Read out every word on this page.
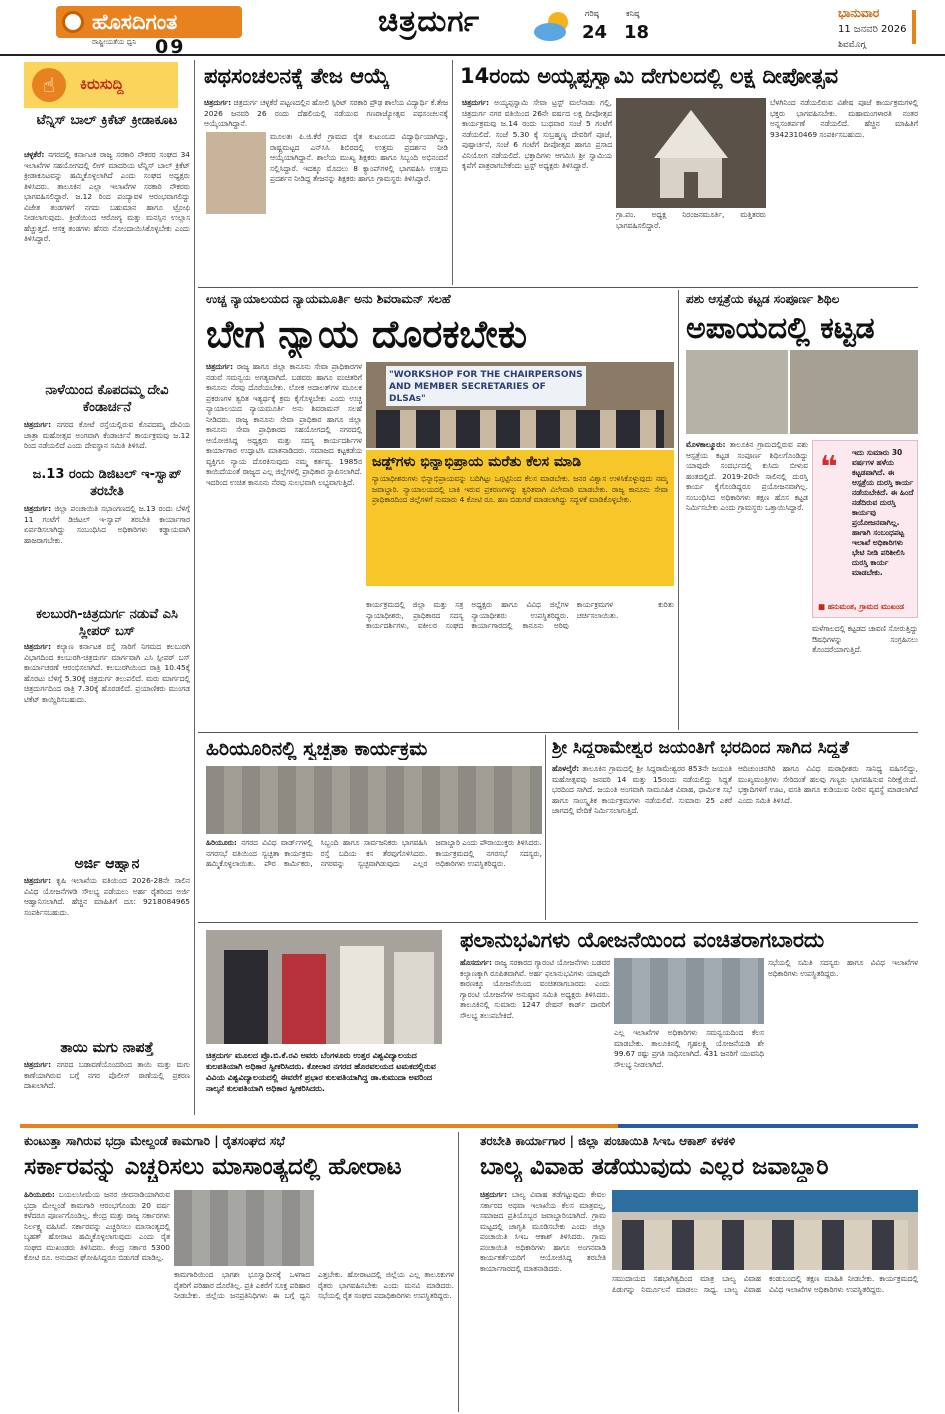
ಹೊಸದಿಗಂತ
ರಾಷ್ಟ್ರೀಯತೆಯ ಧ್ವನಿ 09
ಚಿತ್ರದುರ್ಗ	ಗರಿಷ್ಠ
24
ಕನಿಷ್ಠ
18
ಭಾನುವಾರ
11 ಜನವರಿ 2026
ಶಿವಮೊಗ್ಗ
☝	ಕಿರುಸುದ್ದಿ
ಟೆನ್ನಿಸ್ ಬಾಲ್ ಕ್ರಿಕೆಟ್ ಕ್ರೀಡಾಕೂಟ
ಚಳ್ಳಕೆರೆ: ನಗರದಲ್ಲಿ ಕರ್ನಾಟಕ ರಾಜ್ಯ ಸರಕಾರಿ ನೌಕರರ ಸಂಘದ 34 ಇಲಾಖೆಗಳ ಸಹಯೋಗದಲ್ಲಿ ಲೀಗ್ ಮಾದರಿಯ ಟೆನ್ನಿಸ್ ಬಾಲ್ ಕ್ರಿಕೆಟ್ ಕ್ರೀಡಾಕೂಟವನ್ನು ಹಮ್ಮಿಕೊಳ್ಳಲಾಗಿದೆ ಎಂದು ಸಂಘದ ಅಧ್ಯಕ್ಷರು ತಿಳಿಸಿದರು. ತಾಲೂಕಿನ ಎಲ್ಲಾ ಇಲಾಖೆಗಳ ಸರಕಾರಿ ನೌಕರರು ಭಾಗವಹಿಸಲಿದ್ದಾರೆ. ಜ.12 ರಿಂದ ಪಂದ್ಯಾವಳಿ ಆರಂಭವಾಗಲಿದ್ದು ವಿಜೇತ ತಂಡಗಳಿಗೆ ನಗದು ಬಹುಮಾನ ಹಾಗೂ ಟ್ರೋಫಿ ನೀಡಲಾಗುವುದು. ಕ್ರೀಡೆಯಿಂದ ಆರೋಗ್ಯ ಮತ್ತು ಮನಸ್ಸಿನ ಉಲ್ಲಾಸ ಹೆಚ್ಚುತ್ತದೆ. ಆಸಕ್ತ ತಂಡಗಳು ಹೆಸರು ನೋಂದಾಯಿಸಿಕೊಳ್ಳಬೇಕು ಎಂದು ತಿಳಿಸಿದ್ದಾರೆ.
ನಾಳೆಯಿಂದ ಕೊಪದಮ್ಮ ದೇವಿ ಕೆಂಡಾರ್ಚನೆ
ಚಿತ್ರದುರ್ಗ: ನಗರದ ಕೋಟೆ ರಸ್ತೆಯಲ್ಲಿರುವ ಕೊಪದಮ್ಮ ದೇವಿಯ ಜಾತ್ರಾ ಮಹೋತ್ಸವ ಅಂಗವಾಗಿ ಕೆಂಡಾರ್ಚನೆ ಕಾರ್ಯಕ್ರಮವು ಜ.12 ರಿಂದ ನಡೆಯಲಿದೆ ಎಂದು ದೇವಸ್ಥಾನ ಸಮಿತಿ ತಿಳಿಸಿದೆ.
ಜ.13 ರಂದು ಡಿಜಿಟಲ್ ಇ-ಸ್ವಾಪ್ ತರಬೇತಿ
ಚಿತ್ರದುರ್ಗ: ಜಿಲ್ಲಾ ಪಂಚಾಯಿತಿ ಸಭಾಂಗಣದಲ್ಲಿ ಜ.13 ರಂದು ಬೆಳಿಗ್ಗೆ 11 ಗಂಟೆಗೆ ಡಿಜಿಟಲ್ ಇ-ಸ್ವಾಪ್ ತರಬೇತಿ ಕಾರ್ಯಾಗಾರ ಏರ್ಪಡಿಸಲಾಗಿದ್ದು ಸಂಬಂಧಿಸಿದ ಅಧಿಕಾರಿಗಳು ಕಡ್ಡಾಯವಾಗಿ ಹಾಜರಾಗಬೇಕು.
ಕಲಬುರಗಿ-ಚಿತ್ರದುರ್ಗ ನಡುವೆ ಎಸಿ ಸ್ಲೀಪರ್ ಬಸ್
ಚಿತ್ರದುರ್ಗ: ಕಲ್ಯಾಣ ಕರ್ನಾಟಕ ರಸ್ತೆ ಸಾರಿಗೆ ನಿಗಮದ ಕಲಬುರಗಿ ವಿಭಾಗದಿಂದ ಕಲಬುರಗಿ-ಚಿತ್ರದುರ್ಗ ಮಾರ್ಗವಾಗಿ ಎಸಿ ಸ್ಲೀಪರ್ ಬಸ್ ಕಾರ್ಯಾಚರಣೆ ಆರಂಭಿಸಲಾಗಿದೆ. ಕಲಬುರಗಿಯಿಂದ ರಾತ್ರಿ 10.45ಕ್ಕೆ ಹೊರಟು ಬೆಳಿಗ್ಗೆ 5.30ಕ್ಕೆ ಚಿತ್ರದುರ್ಗ ತಲುಪಲಿದೆ. ಮರು ಮಾರ್ಗದಲ್ಲಿ ಚಿತ್ರದುರ್ಗದಿಂದ ರಾತ್ರಿ 7.30ಕ್ಕೆ ಹೊರಡಲಿದೆ. ಪ್ರಯಾಣಿಕರು ಮುಂಗಡ ಟಿಕೆಟ್ ಕಾಯ್ದಿರಿಸಬಹುದು.
ಅರ್ಜಿ ಆಹ್ವಾನ
ಚಿತ್ರದುರ್ಗ: ಕೃಷಿ ಇಲಾಖೆಯ ವತಿಯಿಂದ 2026-28ನೇ ಸಾಲಿನ ವಿವಿಧ ಯೋಜನೆಗಳಡಿ ಸೌಲಭ್ಯ ಪಡೆಯಲು ಅರ್ಹ ರೈತರಿಂದ ಅರ್ಜಿ ಆಹ್ವಾನಿಸಲಾಗಿದೆ. ಹೆಚ್ಚಿನ ಮಾಹಿತಿಗೆ ದೂ: 9218084965 ಸಂಪರ್ಕಿಸಬಹುದು.
ತಾಯಿ ಮಗು ನಾಪತ್ತೆ
ಚಿತ್ರದುರ್ಗ: ನಗರದ ಬಡಾವಣೆಯೊಂದರಿಂದ ತಾಯಿ ಮತ್ತು ಮಗು ಕಾಣೆಯಾಗಿರುವ ಬಗ್ಗೆ ನಗರ ಪೊಲೀಸ್ ಠಾಣೆಯಲ್ಲಿ ಪ್ರಕರಣ ದಾಖಲಾಗಿದೆ.
ಪಥಸಂಚಲನಕ್ಕೆ ತೇಜ ಆಯ್ಕೆ
ಚಿತ್ರದುರ್ಗ: ಚಿತ್ರದುರ್ಗ ಚಳ್ಳಕೆರೆ ಪಟ್ಟಣದಲ್ಲಿನ ಹೋಲಿ ಸ್ಪಿರಿಟ್ ಸರಕಾರಿ ಪ್ರೌಢ ಶಾಲೆಯ ವಿದ್ಯಾರ್ಥಿ ಕೆ.ತೇಜ 2026 ಜನವರಿ 26 ರಂದು ದೆಹಲಿಯಲ್ಲಿ ನಡೆಯುವ ಗಣರಾಜ್ಯೋತ್ಸವ ಪಥಸಂಚಲನಕ್ಕೆ ಆಯ್ಕೆಯಾಗಿದ್ದಾನೆ.
ಮೂಲತಃ ಪಿ.ಜಿ.ಕೆರೆ ಗ್ರಾಮದ ರೈತ ಕುಟುಂಬದ ವಿದ್ಯಾರ್ಥಿಯಾಗಿದ್ದು, ರಾಷ್ಟ್ರಮಟ್ಟದ ಎನ್‌ಸಿಸಿ ಶಿಬಿರದಲ್ಲಿ ಉತ್ತಮ ಪ್ರದರ್ಶನ ನೀಡಿ ಆಯ್ಕೆಯಾಗಿದ್ದಾನೆ. ಶಾಲೆಯ ಮುಖ್ಯ ಶಿಕ್ಷಕರು ಹಾಗೂ ಸಿಬ್ಬಂದಿ ಅಭಿನಂದನೆ ಸಲ್ಲಿಸಿದ್ದಾರೆ. ಇದಕ್ಕೂ ಮೊದಲು 8 ಕ್ಯಾಂಪ್‌ಗಳಲ್ಲಿ ಭಾಗವಹಿಸಿ ಉತ್ತಮ ಪ್ರದರ್ಶನ ನೀಡಿದ್ದ ತೇಜನನ್ನು ಶಿಕ್ಷಕರು ಹಾಗೂ ಗ್ರಾಮಸ್ಥರು ತಿಳಿಸಿದ್ದಾರೆ.
14ರಂದು ಅಯ್ಯಪ್ಪಸ್ವಾಮಿ ದೇಗುಲದಲ್ಲಿ ಲಕ್ಷ ದೀಪೋತ್ಸವ
ಚಿತ್ರದುರ್ಗ: ಅಯ್ಯಪ್ಪಸ್ವಾಮಿ ಸೇವಾ ಟ್ರಸ್ಟ್ ಮಲೆನಾಡು ಗಲ್ಲಿ, ಚಿತ್ರದುರ್ಗ ನಗರ ವತಿಯಿಂದ 26ನೇ ವರ್ಷದ ಲಕ್ಷ ದೀಪೋತ್ಸವ ಕಾರ್ಯಕ್ರಮವು ಜ.14 ರಂದು ಬುಧವಾರ ಸಂಜೆ 5 ಗಂಟೆಗೆ ನಡೆಯಲಿದೆ. ಸಂಜೆ 5.30 ಕ್ಕೆ ಸುಬ್ರಹ್ಮಣ್ಯ ದೇವರಿಗೆ ಪೂಜೆ, ಪುಷ್ಪಾರ್ಚನೆ, ಸಂಜೆ 6 ಗಂಟೆಗೆ ದೀಪೋತ್ಸವ ಹಾಗೂ ಪ್ರಸಾದ ವಿನಿಯೋಗ ನಡೆಯಲಿದೆ. ಭಕ್ತಾದಿಗಳು ಆಗಮಿಸಿ ಶ್ರೀ ಸ್ವಾಮಿಯ ಕೃಪೆಗೆ ಪಾತ್ರರಾಗಬೇಕೆಂದು ಟ್ರಸ್ಟ್ ಅಧ್ಯಕ್ಷರು ತಿಳಿಸಿದ್ದಾರೆ.
ಗ್ರಾ.ಪಂ. ಅಧ್ಯಕ್ಷ ನಿರಂಜನಮೂರ್ತಿ, ಮತ್ತಿತರರು ಭಾಗವಹಿಸಲಿದ್ದಾರೆ.
ಬೆಳಗಿನಿಂದ ನಡೆಯಲಿರುವ ವಿಶೇಷ ಪೂಜೆ ಕಾರ್ಯಕ್ರಮಗಳಲ್ಲಿ ಭಕ್ತರು ಭಾಗವಹಿಸಬೇಕು. ಮಹಾಮಂಗಳಾರತಿ ನಂತರ ಅನ್ನಸಂತರ್ಪಣೆ ನಡೆಯಲಿದೆ. ಹೆಚ್ಚಿನ ಮಾಹಿತಿಗೆ 9342310469 ಸಂಪರ್ಕಿಸಬಹುದು.
ಉಚ್ಚ ನ್ಯಾಯಾಲಯದ ನ್ಯಾಯಮೂರ್ತಿ ಅನು ಶಿವರಾಮನ್ ಸಲಹೆ
ಬೇಗ ನ್ಯಾಯ ದೊರಕಬೇಕು
ಚಿತ್ರದುರ್ಗ: ರಾಜ್ಯ ಹಾಗೂ ಜಿಲ್ಲಾ ಕಾನೂನು ಸೇವಾ ಪ್ರಾಧಿಕಾರಗಳ ನಡುವೆ ಸಮನ್ವಯ ಅಗತ್ಯವಾಗಿದೆ. ಬಡವರು ಹಾಗೂ ವಂಚಿತರಿಗೆ ಕಾನೂನು ನೆರವು ದೊರೆಯಬೇಕು. ಲೋಕ ಅದಾಲತ್‌ಗಳ ಮೂಲಕ ಪ್ರಕರಣಗಳ ತ್ವರಿತ ಇತ್ಯರ್ಥಕ್ಕೆ ಕ್ರಮ ಕೈಗೊಳ್ಳಬೇಕು ಎಂದು ಉಚ್ಚ ನ್ಯಾಯಾಲಯದ ನ್ಯಾಯಮೂರ್ತಿ ಅನು ಶಿವರಾಮನ್ ಸಲಹೆ ನೀಡಿದರು. ರಾಜ್ಯ ಕಾನೂನು ಸೇವಾ ಪ್ರಾಧಿಕಾರ ಹಾಗೂ ಜಿಲ್ಲಾ ಕಾನೂನು ಸೇವಾ ಪ್ರಾಧಿಕಾರದ ಸಹಯೋಗದಲ್ಲಿ ನಗರದಲ್ಲಿ ಆಯೋಜಿಸಿದ್ದ ಅಧ್ಯಕ್ಷರು ಮತ್ತು ಸದಸ್ಯ ಕಾರ್ಯದರ್ಶಿಗಳ ಕಾರ್ಯಾಗಾರ ಉದ್ಘಾಟಿಸಿ ಮಾತನಾಡಿದರು. ಸಮಾಜದ ಕಟ್ಟಕಡೆಯ ವ್ಯಕ್ತಿಗೂ ನ್ಯಾಯ ದೊರಕಿಸುವುದು ನಮ್ಮ ಕರ್ತವ್ಯ. 1985ರ ಕಾಯಿದೆಯಂತೆ ರಾಜ್ಯದ ಎಲ್ಲ ಜಿಲ್ಲೆಗಳಲ್ಲಿ ಪ್ರಾಧಿಕಾರ ಸ್ಥಾಪಿಸಲಾಗಿದೆ. ಇದರಿಂದ ಉಚಿತ ಕಾನೂನು ನೆರವು ಸುಲಭವಾಗಿ ಲಭ್ಯವಾಗುತ್ತಿದೆ.
"WORKSHOP FOR THE CHAIRPERSONS AND MEMBER SECRETARIES OF DLSAs"
ಜಡ್ಜ್‌ಗಳು ಭಿನ್ನಾಭಿಪ್ರಾಯ ಮರೆತು ಕೆಲಸ ಮಾಡಿ
ನ್ಯಾಯಾಧೀಶರುಗಳು ಭಿನ್ನಾಭಿಪ್ರಾಯವನ್ನು ಬದಿಗಿಟ್ಟು ಒಗ್ಗಟ್ಟಿನಿಂದ ಕೆಲಸ ಮಾಡಬೇಕು. ಜನರ ವಿಶ್ವಾಸ ಉಳಿಸಿಕೊಳ್ಳುವುದು ನಮ್ಮ ಜವಾಬ್ದಾರಿ. ನ್ಯಾಯಾಲಯದಲ್ಲಿ ಬಾಕಿ ಇರುವ ಪ್ರಕರಣಗಳನ್ನು ತ್ವರಿತವಾಗಿ ವಿಲೇವಾರಿ ಮಾಡಬೇಕು. ರಾಜ್ಯ ಕಾನೂನು ಸೇವಾ ಪ್ರಾಧಿಕಾರದಿಂದ ಜಿಲ್ಲೆಗಳಿಗೆ ಸುಮಾರು 4 ಕೋಟಿ ರೂ. ಹಣ ಬಿಡುಗಡೆ ಮಾಡಲಾಗಿದ್ದು ಸದ್ಬಳಕೆ ಮಾಡಿಕೊಳ್ಳಬೇಕು.
ಕಾರ್ಯಕ್ರಮದಲ್ಲಿ ಜಿಲ್ಲಾ ಮತ್ತು ಸತ್ರ ನ್ಯಾಯಾಧೀಶರು, ಪ್ರಾಧಿಕಾರದ ಸದಸ್ಯ ಕಾರ್ಯದರ್ಶಿಗಳು, ವಕೀಲರ ಸಂಘದ ಅಧ್ಯಕ್ಷರು ಹಾಗೂ ವಿವಿಧ ಜಿಲ್ಲೆಗಳ ನ್ಯಾಯಾಧೀಶರು ಉಪಸ್ಥಿತರಿದ್ದರು. ಕಾರ್ಯಾಗಾರದಲ್ಲಿ ಕಾನೂನು ಅರಿವು ಕಾರ್ಯಕ್ರಮಗಳ ಕುರಿತು ಚರ್ಚಿಸಲಾಯಿತು.
ಪಶು ಆಸ್ಪತ್ರೆಯ ಕಟ್ಟಡ ಸಂಪೂರ್ಣ ಶಿಥಿಲ
ಅಪಾಯದಲ್ಲಿ ಕಟ್ಟಡ
ಮೊಳಕಾಲ್ಮೂರು: ತಾಲೂಕಿನ ಗ್ರಾಮದಲ್ಲಿರುವ ಪಶು ಆಸ್ಪತ್ರೆಯ ಕಟ್ಟಡ ಸಂಪೂರ್ಣ ಶಿಥಿಲಗೊಂಡಿದ್ದು ಯಾವುದೇ ಸಂದರ್ಭದಲ್ಲಿ ಕುಸಿದು ಬೀಳುವ ಹಂತದಲ್ಲಿದೆ. 2019-20ನೇ ಸಾಲಿನಲ್ಲಿ ದುರಸ್ತಿ ಕಾರ್ಯ ಕೈಗೊಂಡಿದ್ದರೂ ಪ್ರಯೋಜನವಾಗಿಲ್ಲ. ಸಂಬಂಧಿಸಿದ ಅಧಿಕಾರಿಗಳು ತಕ್ಷಣ ಹೊಸ ಕಟ್ಟಡ ನಿರ್ಮಿಸಬೇಕು ಎಂದು ಗ್ರಾಮಸ್ಥರು ಒತ್ತಾಯಿಸಿದ್ದಾರೆ.
❝ ಇದು ಸುಮಾರು 30 ವರ್ಷಗಳ ಹಳೆಯ ಕಟ್ಟಡವಾಗಿದೆ. ಈ ಆಸ್ಪತ್ರೆಯ ದುರಸ್ತಿ ಕಾರ್ಯ ನಡೆಯಬೇಕಿದೆ. ಈ ಹಿಂದೆ ನಡೆದಿರುವ ದುರಸ್ತಿ ಕಾರ್ಯವು ಪ್ರಯೋಜನವಾಗಿಲ್ಲ. ಹಾಗಾಗಿ ಸಂಬಂಧಪಟ್ಟ ಇಲಾಖೆ ಅಧಿಕಾರಿಗಳು ಭೇಟಿ ನೀಡಿ ಪರಿಶೀಲಿಸಿ ದುರಸ್ತಿ ಕಾರ್ಯ ಮಾಡಬೇಕು.
■ ಹನುಮಂತ, ಗ್ರಾಮದ ಮುಖಂಡ
ಮಳೆಗಾಲದಲ್ಲಿ ಕಟ್ಟಡದ ಚಾವಣಿ ಸೋರುತ್ತಿದ್ದು ಔಷಧಿಗಳನ್ನು ಸಂಗ್ರಹಿಸಲು ತೊಂದರೆಯಾಗುತ್ತಿದೆ.
ಹಿರಿಯೂರಿನಲ್ಲಿ ಸ್ವಚ್ಛತಾ ಕಾರ್ಯಕ್ರಮ
ಹಿರಿಯೂರು: ನಗರದ ವಿವಿಧ ವಾರ್ಡ್‌ಗಳಲ್ಲಿ ನಗರಸಭೆ ವತಿಯಿಂದ ಸ್ವಚ್ಛತಾ ಕಾರ್ಯಕ್ರಮ ಹಮ್ಮಿಕೊಳ್ಳಲಾಯಿತು. ಪೌರ ಕಾರ್ಮಿಕರು, ಸಿಬ್ಬಂದಿ ಹಾಗೂ ಸಾರ್ವಜನಿಕರು ಭಾಗವಹಿಸಿ ರಸ್ತೆ ಬದಿಯ ಕಸ ತೆರವುಗೊಳಿಸಿದರು. ನಗರವನ್ನು ಸ್ವಚ್ಛವಾಗಿಡುವುದು ಎಲ್ಲರ ಜವಾಬ್ದಾರಿ ಎಂದು ಪೌರಾಯುಕ್ತರು ತಿಳಿಸಿದರು. ಕಾರ್ಯಕ್ರಮದಲ್ಲಿ ನಗರಸಭೆ ಸದಸ್ಯರು, ಅಧಿಕಾರಿಗಳು ಉಪಸ್ಥಿತರಿದ್ದರು.
ಶ್ರೀ ಸಿದ್ದರಾಮೇಶ್ವರ ಜಯಂತಿಗೆ ಭರದಿಂದ ಸಾಗಿದ ಸಿದ್ದತೆ
ಹೊಳಲ್ಕೆರೆ: ತಾಲೂಕಿನ ಗ್ರಾಮದಲ್ಲಿ ಶ್ರೀ ಸಿದ್ದರಾಮೇಶ್ವರರ 853ನೇ ಜಯಂತಿ ಮಹೋತ್ಸವವು ಜನವರಿ 14 ಮತ್ತು 15ರಂದು ನಡೆಯಲಿದ್ದು ಸಿದ್ದತೆ ಭರದಿಂದ ಸಾಗಿದೆ. ಜಯಂತಿ ಅಂಗವಾಗಿ ಸಾಮೂಹಿಕ ವಿವಾಹ, ಧಾರ್ಮಿಕ ಸಭೆ ಹಾಗೂ ಸಾಂಸ್ಕೃತಿಕ ಕಾರ್ಯಕ್ರಮಗಳು ನಡೆಯಲಿವೆ. ಸುಮಾರು 25 ಎಕರೆ ಜಾಗದಲ್ಲಿ ವೇದಿಕೆ ನಿರ್ಮಿಸಲಾಗುತ್ತಿದೆ.
ಆದಿಚುಂಚನಗಿರಿ ಹಾಗೂ ವಿವಿಧ ಮಠಾಧೀಶರು ಸಾನಿಧ್ಯ ವಹಿಸಲಿದ್ದು, ಮುಖ್ಯಮಂತ್ರಿಗಳು ಸೇರಿದಂತೆ ಹಲವು ಗಣ್ಯರು ಭಾಗವಹಿಸುವ ನಿರೀಕ್ಷೆಯಿದೆ. ಭಕ್ತಾದಿಗಳಿಗೆ ಊಟ, ವಸತಿ ಹಾಗೂ ಕುಡಿಯುವ ನೀರಿನ ವ್ಯವಸ್ಥೆ ಮಾಡಲಾಗಿದೆ ಎಂದು ಸಮಿತಿ ತಿಳಿಸಿದೆ.
ಚಿತ್ರದುರ್ಗ ಮೂಲದ ಪ್ರೊ.ಬಿ.ಕೆ.ರವಿ ಅವರು ಬೆಂಗಳೂರು ಉತ್ತರ ವಿಶ್ವವಿದ್ಯಾಲಯದ ಕುಲಪತಿಯಾಗಿ ಅಧಿಕಾರ ಸ್ವೀಕರಿಸಿದರು. ಕೋಲಾರ ನಗರದ ಹೊರವಲಯದ ಟಮಕದಲ್ಲಿರುವ ವಿವಿಯ ವಿಶ್ವವಿದ್ಯಾಲಯದಲ್ಲಿ ಈವರೆಗೆ ಪ್ರಭಾರ ಕುಲಪತಿಯಾಗಿದ್ದ ಡಾ.ಕುಮುದಾ ಅವರಿಂದ ನಾಲ್ಕನೆ ಕುಲಪತಿಯಾಗಿ ಅಧಿಕಾರ ಸ್ವೀಕರಿಸಿದರು.
ಫಲಾನುಭವಿಗಳು ಯೋಜನೆಯಿಂದ ವಂಚಿತರಾಗಬಾರದು
ಹೊಸದುರ್ಗ: ರಾಜ್ಯ ಸರಕಾರದ ಗ್ಯಾರಂಟಿ ಯೋಜನೆಗಳು ಬಡವರ ಕಲ್ಯಾಣಕ್ಕಾಗಿ ರೂಪಿತವಾಗಿವೆ. ಅರ್ಹ ಫಲಾನುಭವಿಗಳು ಯಾವುದೇ ಕಾರಣಕ್ಕೂ ಯೋಜನೆಯಿಂದ ವಂಚಿತರಾಗಬಾರದು ಎಂದು ಗ್ಯಾರಂಟಿ ಯೋಜನೆಗಳ ಅನುಷ್ಠಾನ ಸಮಿತಿ ಅಧ್ಯಕ್ಷರು ತಿಳಿಸಿದರು. ತಾಲೂಕಿನಲ್ಲಿ ಸುಮಾರು 1247 ರೇಷನ್ ಕಾರ್ಡ್ ದಾರರಿಗೆ ಸೌಲಭ್ಯ ತಲುಪಬೇಕಿದೆ.
ಎಲ್ಲ ಇಲಾಖೆಗಳ ಅಧಿಕಾರಿಗಳು ಸಮನ್ವಯದಿಂದ ಕೆಲಸ ಮಾಡಬೇಕು. ತಾಲೂಕಿನಲ್ಲಿ ಗೃಹಲಕ್ಷ್ಮಿ ಯೋಜನೆಯಡಿ ಶೇ 99.67 ರಷ್ಟು ಪ್ರಗತಿ ಸಾಧಿಸಲಾಗಿದೆ. 431 ಜನರಿಗೆ ಯುವನಿಧಿ ಸೌಲಭ್ಯ ನೀಡಲಾಗಿದೆ.
ಸಭೆಯಲ್ಲಿ ಸಮಿತಿ ಸದಸ್ಯರು ಹಾಗೂ ವಿವಿಧ ಇಲಾಖೆಗಳ ಅಧಿಕಾರಿಗಳು ಉಪಸ್ಥಿತರಿದ್ದರು.
ಕುಂಟುತ್ತಾ ಸಾಗಿರುವ ಭದ್ರಾ ಮೇಲ್ದಂಡೆ ಕಾಮಗಾರಿ | ರೈತಸಂಘದ ಸಭೆ
ಸರ್ಕಾರವನ್ನು ಎಚ್ಚರಿಸಲು ಮಾಸಾಂತ್ಯದಲ್ಲಿ ಹೋರಾಟ
ಹಿರಿಯೂರು: ಬಯಲುಸೀಮೆಯ ಜನರ ಜೀವನಾಡಿಯಾಗಿರುವ ಭದ್ರಾ ಮೇಲ್ದಂಡೆ ಕಾಮಗಾರಿ ಆರಂಭಗೊಂಡು 20 ವರ್ಷ ಕಳೆದರೂ ಪೂರ್ಣಗೊಂಡಿಲ್ಲ. ಕೇಂದ್ರ ಮತ್ತು ರಾಜ್ಯ ಸರ್ಕಾರಗಳು ನಿರ್ಲಕ್ಷ್ಯ ವಹಿಸಿವೆ. ಸರ್ಕಾರವನ್ನು ಎಚ್ಚರಿಸಲು ಮಾಸಾಂತ್ಯದಲ್ಲಿ ಬೃಹತ್ ಹೋರಾಟ ಹಮ್ಮಿಕೊಳ್ಳಲಾಗುವುದು ಎಂದು ರೈತ ಸಂಘದ ಮುಖಂಡರು ತಿಳಿಸಿದರು. ಕೇಂದ್ರ ಸರ್ಕಾರ 5300 ಕೋಟಿ ರೂ. ಅನುದಾನ ಘೋಷಿಸಿದ್ದರೂ ಬಿಡುಗಡೆ ಮಾಡಿಲ್ಲ.
ಕಾಮಗಾರಿಯಿಂದ ಭಾಗಶಃ ಭೂಸ್ವಾಧೀನಕ್ಕೆ ಒಳಗಾದ ರೈತರಿಗೆ ಪರಿಹಾರ ದೊರೆತಿಲ್ಲ. ಪ್ರತಿ ಎಕರೆಗೆ ಸೂಕ್ತ ಪರಿಹಾರ ನೀಡಬೇಕು. ಜಿಲ್ಲೆಯ ಜನಪ್ರತಿನಿಧಿಗಳು ಈ ಬಗ್ಗೆ ಧ್ವನಿ ಎತ್ತಬೇಕು. ಹೋರಾಟದಲ್ಲಿ ಜಿಲ್ಲೆಯ ಎಲ್ಲ ತಾಲೂಕುಗಳ ರೈತರು ಭಾಗವಹಿಸಬೇಕು ಎಂದು ಮನವಿ ಮಾಡಿದರು. ಸಭೆಯಲ್ಲಿ ರೈತ ಸಂಘದ ಪದಾಧಿಕಾರಿಗಳು ಉಪಸ್ಥಿತರಿದ್ದರು.
ತರಬೇತಿ ಕಾರ್ಯಾಗಾರ | ಜಿಲ್ಲಾ ಪಂಚಾಯಿತಿ ಸಿಇಒ ಆಕಾಶ್ ಕಳಕಳಿ
ಬಾಲ್ಯ ವಿವಾಹ ತಡೆಯುವುದು ಎಲ್ಲರ ಜವಾಬ್ದಾರಿ
ಚಿತ್ರದುರ್ಗ: ಬಾಲ್ಯ ವಿವಾಹ ತಡೆಗಟ್ಟುವುದು ಕೇವಲ ಸರ್ಕಾರದ ಅಥವಾ ಇಲಾಖೆಯ ಕೆಲಸ ಮಾತ್ರವಲ್ಲ, ಸಮಾಜದ ಪ್ರತಿಯೊಬ್ಬರ ಜವಾಬ್ದಾರಿಯಾಗಿದೆ. ಗ್ರಾಮ ಮಟ್ಟದಲ್ಲಿ ಜಾಗೃತಿ ಮೂಡಿಸಬೇಕು ಎಂದು ಜಿಲ್ಲಾ ಪಂಚಾಯಿತಿ ಸಿಇಒ ಆಕಾಶ್ ತಿಳಿಸಿದರು. ಗ್ರಾಮ ಪಂಚಾಯಿತಿ ಅಧಿಕಾರಿಗಳು ಹಾಗೂ ಅಂಗನವಾಡಿ ಕಾರ್ಯಕರ್ತೆಯರಿಗೆ ಆಯೋಜಿಸಿದ್ದ ತರಬೇತಿ ಕಾರ್ಯಾಗಾರದಲ್ಲಿ ಮಾತನಾಡಿದರು.
ಸಮುದಾಯದ ಸಹಭಾಗಿತ್ವದಿಂದ ಮಾತ್ರ ಬಾಲ್ಯ ವಿವಾಹ ಪಿಡುಗನ್ನು ನಿರ್ಮೂಲನೆ ಮಾಡಲು ಸಾಧ್ಯ. ಬಾಲ್ಯ ವಿವಾಹ ಕಂಡುಬಂದಲ್ಲಿ ತಕ್ಷಣ ಮಾಹಿತಿ ನೀಡಬೇಕು. ಕಾರ್ಯಕ್ರಮದಲ್ಲಿ ವಿವಿಧ ಇಲಾಖೆಗಳ ಅಧಿಕಾರಿಗಳು ಉಪಸ್ಥಿತರಿದ್ದರು.
